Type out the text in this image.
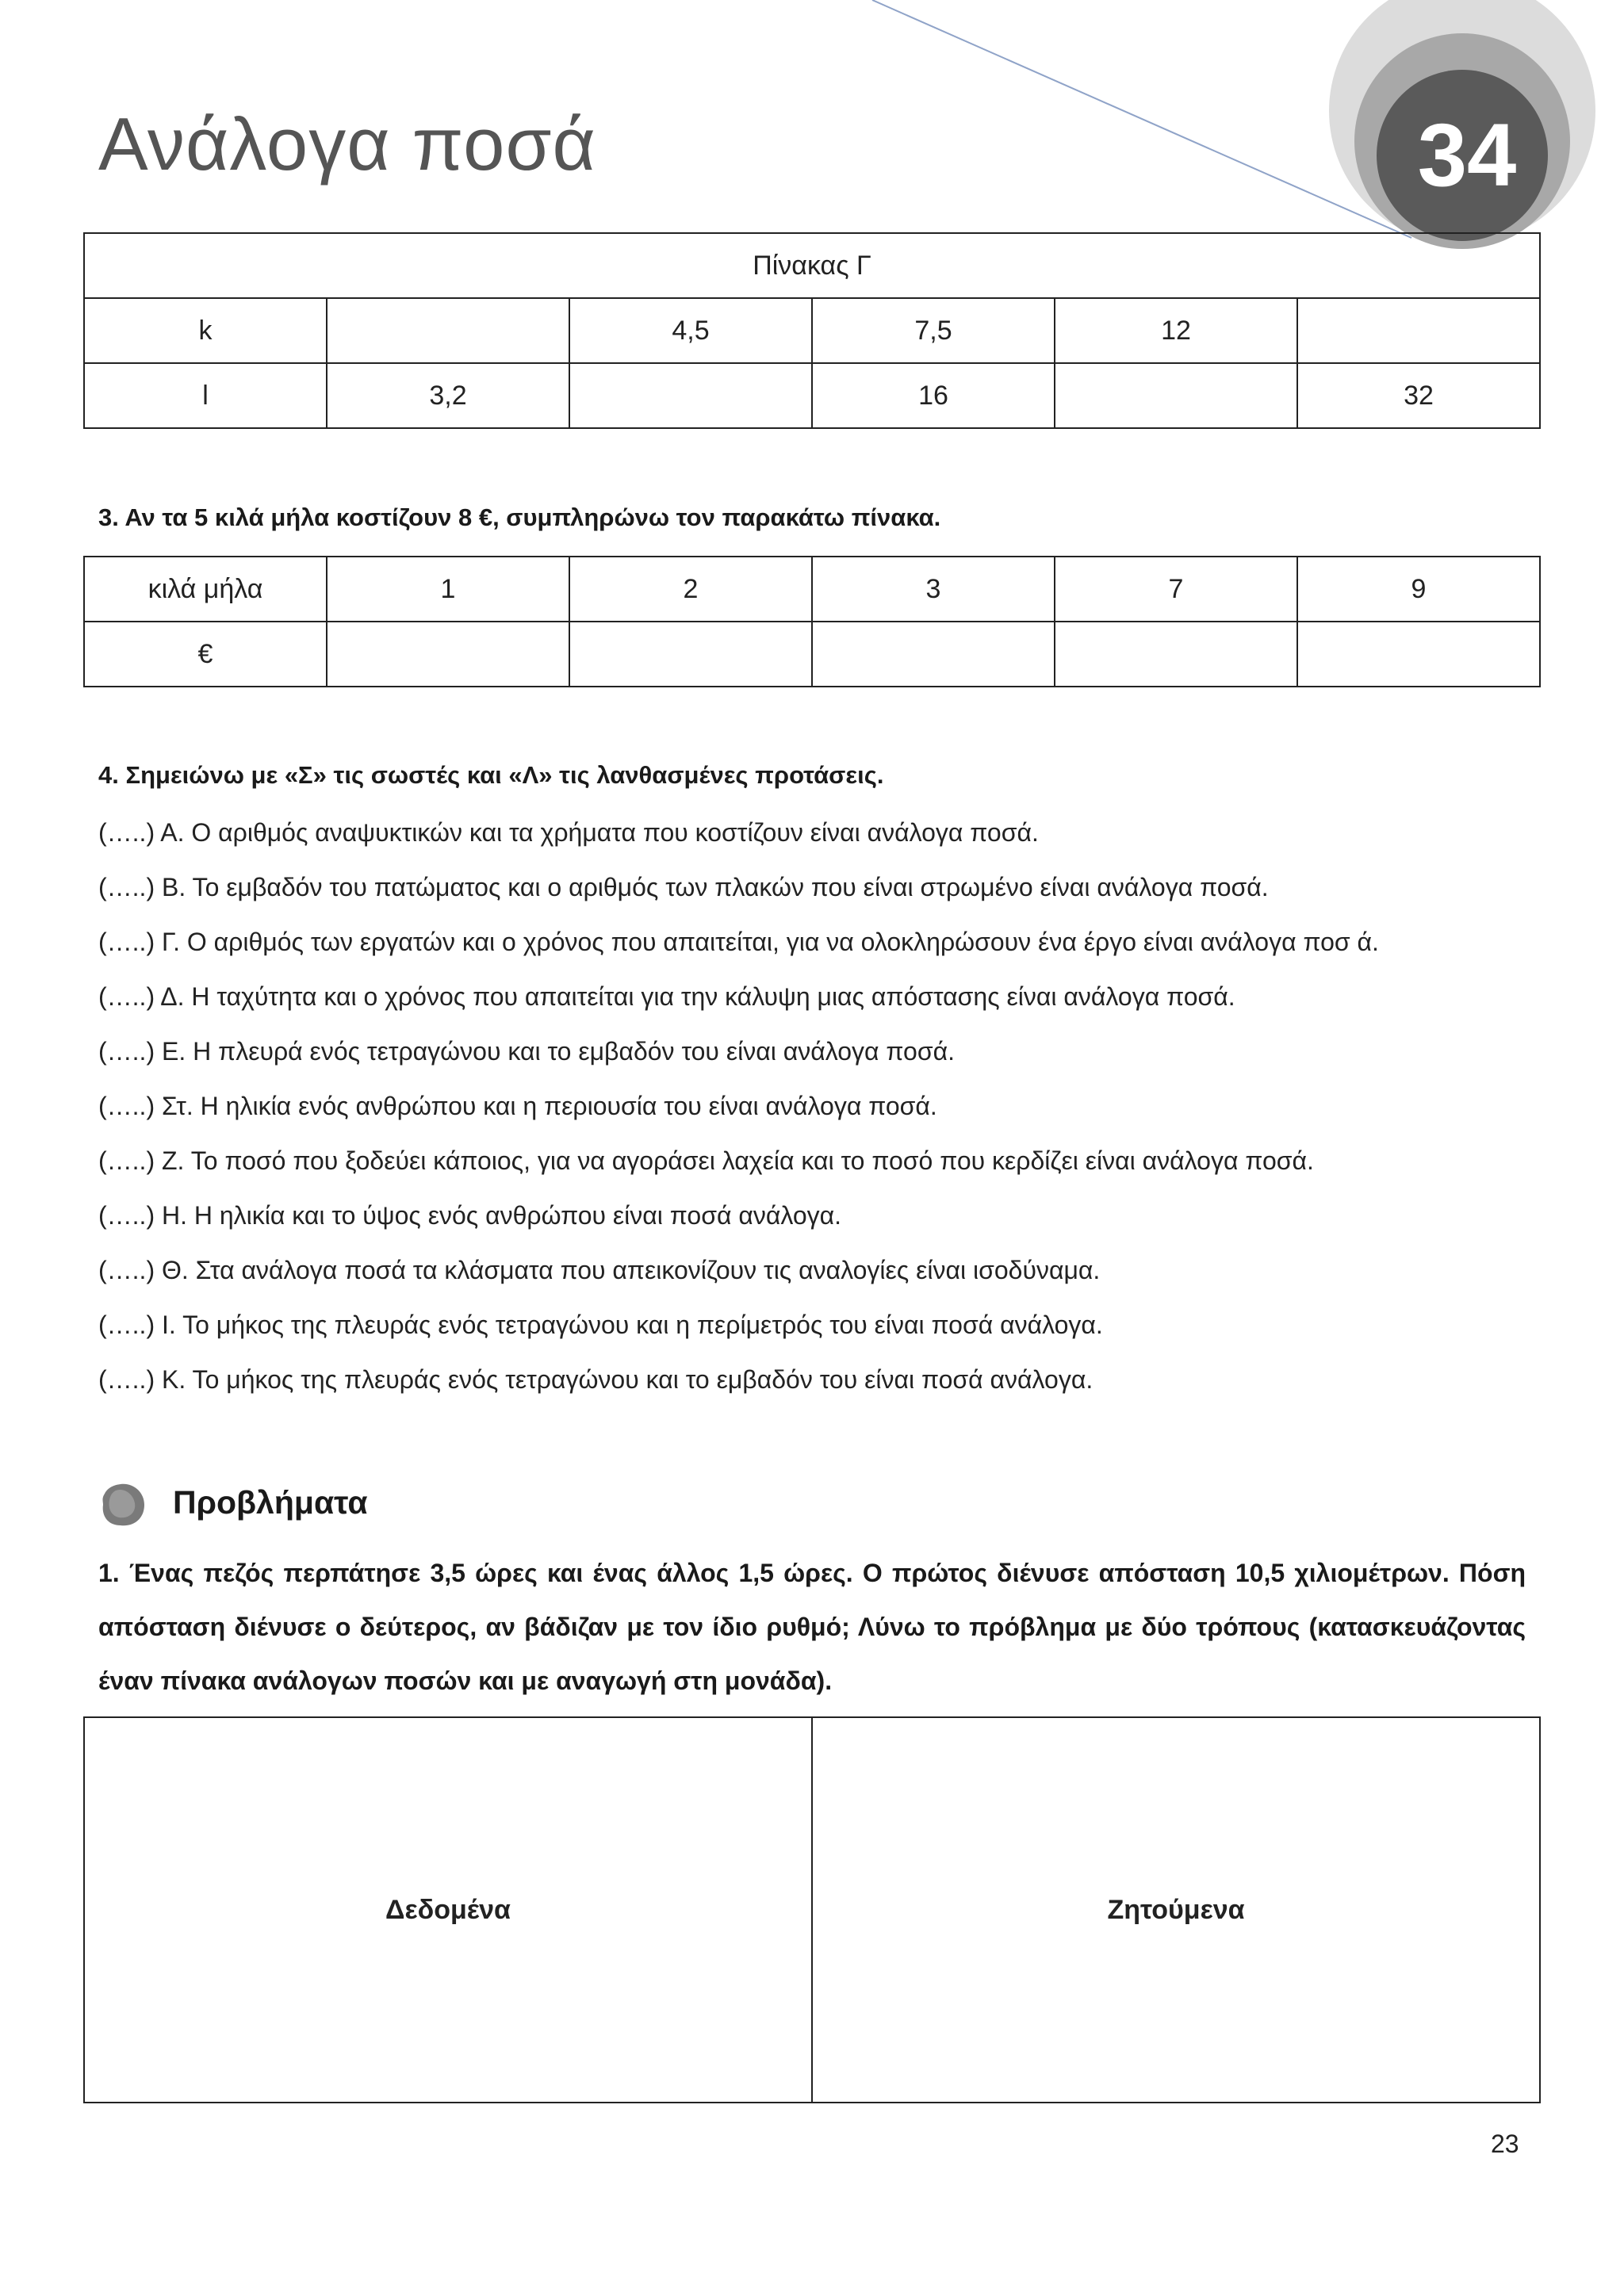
Ανάλογα ποσά	34
Πίνακας Γ					
k		4,5	7,5	12	
l	3,2		16		32
3. Αν τα 5 κιλά μήλα κοστίζουν 8 €, συμπληρώνω τον παρακάτω πίνακα.
κιλά μήλα	1	2	3	7	9
€					
4. Σημειώνω με «Σ» τις σωστές και «Λ» τις λανθασμένες προτάσεις.
(…..) Α. Ο αριθμός αναψυκτικών και τα χρήματα που κοστίζουν είναι ανάλογα ποσά.
(…..) Β. Το εμβαδόν του πατώματος και ο αριθμός των πλακών που είναι στρωμένο είναι ανάλογα ποσά.
(…..) Γ. Ο αριθμός των εργατών και ο χρόνος που απαιτείται, για να ολοκληρώσουν ένα έργο είναι ανάλογα ποσ ά.
(…..) Δ. Η ταχύτητα και ο χρόνος που απαιτείται για την κάλυψη μιας απόστασης είναι ανάλογα ποσά.
(…..) Ε. Η πλευρά ενός τετραγώνου και το εμβαδόν του είναι ανάλογα ποσά.
(…..) Στ. Η ηλικία ενός ανθρώπου και η περιουσία του είναι ανάλογα ποσά.
(…..) Ζ. Το ποσό που ξοδεύει κάποιος, για να αγοράσει λαχεία και το ποσό που κερδίζει είναι ανάλογα ποσά.
(…..) Η. Η ηλικία και το ύψος ενός ανθρώπου είναι ποσά ανάλογα.
(…..) Θ. Στα ανάλογα ποσά τα κλάσματα που απεικονίζουν τις αναλογίες είναι ισοδύναμα.
(…..) Ι. Το μήκος της πλευράς ενός τετραγώνου και η περίμετρός του είναι ποσά ανάλογα.
(…..) Κ. Το μήκος της πλευράς ενός τετραγώνου και το εμβαδόν του είναι ποσά ανάλογα.
Προβλήματα
1. Ένας πεζός περπάτησε 3,5 ώρες και ένας άλλος 1,5 ώρες. Ο πρώτος διένυσε απόσταση 10,5 χιλιομέτρων. Πόση απόσταση διένυσε ο δεύτερος, αν βάδιζαν με τον ίδιο ρυθμό; Λύνω το πρόβλημα με δύο τρόπους (κατασκευάζοντας έναν πίνακα ανάλογων ποσών και με αναγωγή στη μονάδα).
Δεδομένα	Ζητούμενα
23
